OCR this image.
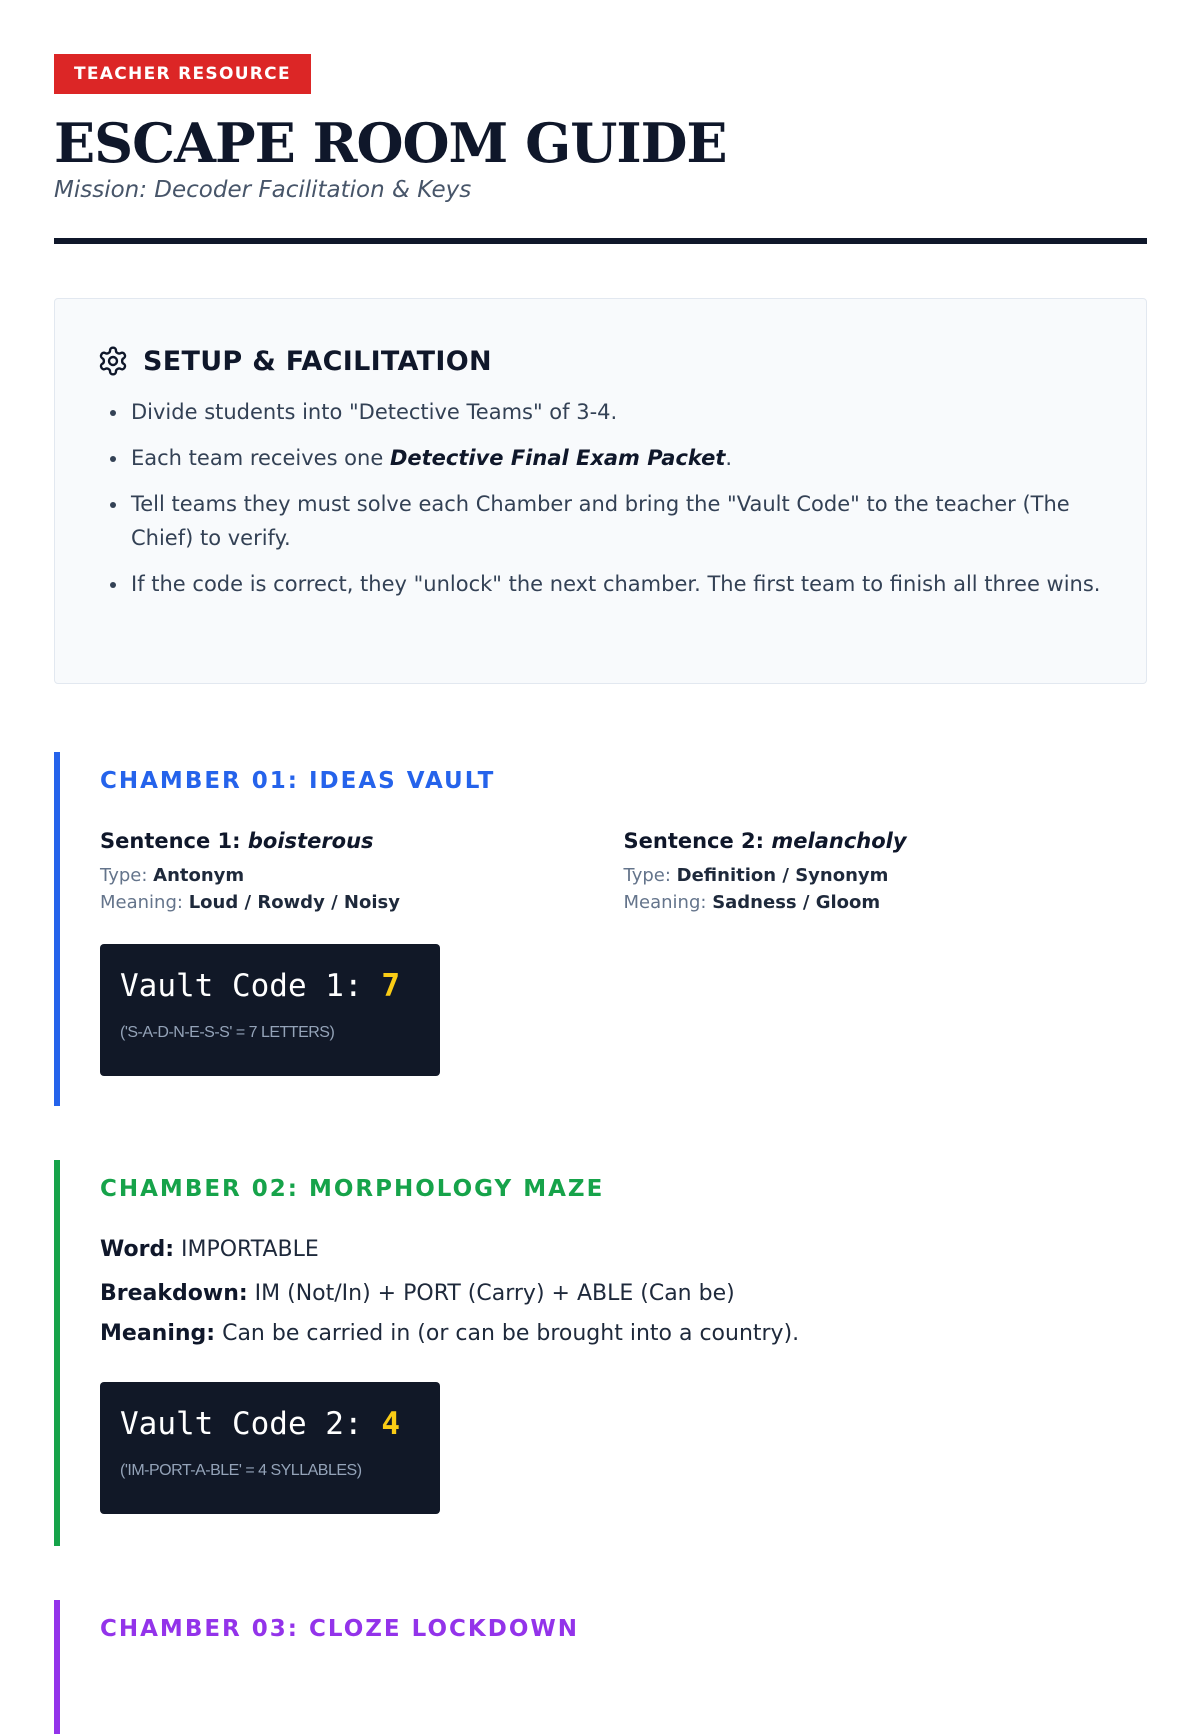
TEACHER RESOURCE
ESCAPE ROOM GUIDE

Mission: Decoder Facilitation & Keys

SETUP & FACILITATION
• Divide students into "Detective Teams" of 3-4.
• Each team receives one Detective Final Exam Packet.
• Tell teams they must solve each Chamber and bring the "Vault Code" to the teacher (The Chief) to verify.
• If the code is correct, they "unlock" the next chamber. The first team to finish all three wins.
CHAMBER 01: IDEAS VAULT
Sentence 1: boisterous
Type: Antonym
Meaning: Loud / Rowdy / Noisy
Sentence 2: melancholy
Type: Definition / Synonym
Meaning: Sadness / Gloom
Vault Code 1: 7
('S-A-D-N-E-S-S' = 7 LETTERS)
CHAMBER 02: MORPHOLOGY MAZE
Word: IMPORTABLE
Breakdown: IM (Not/In) + PORT (Carry) + ABLE (Can be)
Meaning: Can be carried in (or can be brought into a country).
Vault Code 2: 4
('IM-PORT-A-BLE' = 4 SYLLABLES)
CHAMBER 03: CLOZE LOCKDOWN
